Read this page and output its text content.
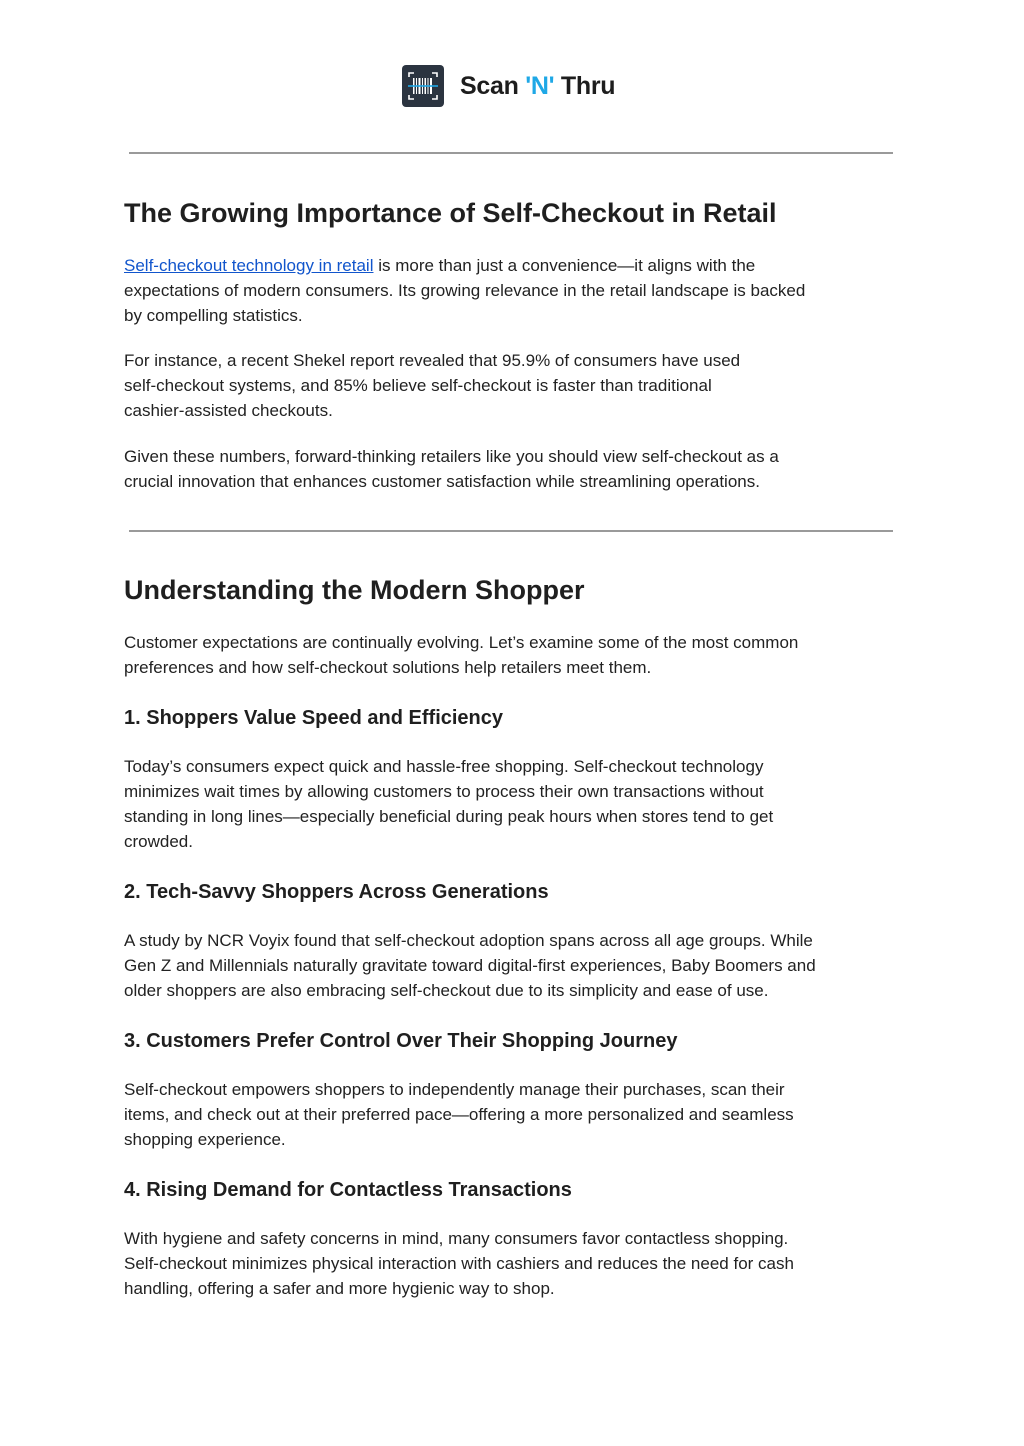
Scan 'N' Thru
The Growing Importance of Self-Checkout in Retail

Self-checkout technology in retail is more than just a convenience—it aligns with the
expectations of modern consumers. Its growing relevance in the retail landscape is backed
by compelling statistics.

For instance, a recent Shekel report revealed that 95.9% of consumers have used
self-checkout systems, and 85% believe self-checkout is faster than traditional
cashier-assisted checkouts.

Given these numbers, forward-thinking retailers like you should view self-checkout as a
crucial innovation that enhances customer satisfaction while streamlining operations.

Understanding the Modern Shopper

Customer expectations are continually evolving. Let’s examine some of the most common
preferences and how self-checkout solutions help retailers meet them.

1. Shoppers Value Speed and Efficiency

Today’s consumers expect quick and hassle-free shopping. Self-checkout technology
minimizes wait times by allowing customers to process their own transactions without
standing in long lines—especially beneficial during peak hours when stores tend to get
crowded.

2. Tech-Savvy Shoppers Across Generations

A study by NCR Voyix found that self-checkout adoption spans across all age groups. While
Gen Z and Millennials naturally gravitate toward digital-first experiences, Baby Boomers and
older shoppers are also embracing self-checkout due to its simplicity and ease of use.

3. Customers Prefer Control Over Their Shopping Journey

Self-checkout empowers shoppers to independently manage their purchases, scan their
items, and check out at their preferred pace—offering a more personalized and seamless
shopping experience.

4. Rising Demand for Contactless Transactions

With hygiene and safety concerns in mind, many consumers favor contactless shopping.
Self-checkout minimizes physical interaction with cashiers and reduces the need for cash
handling, offering a safer and more hygienic way to shop.
